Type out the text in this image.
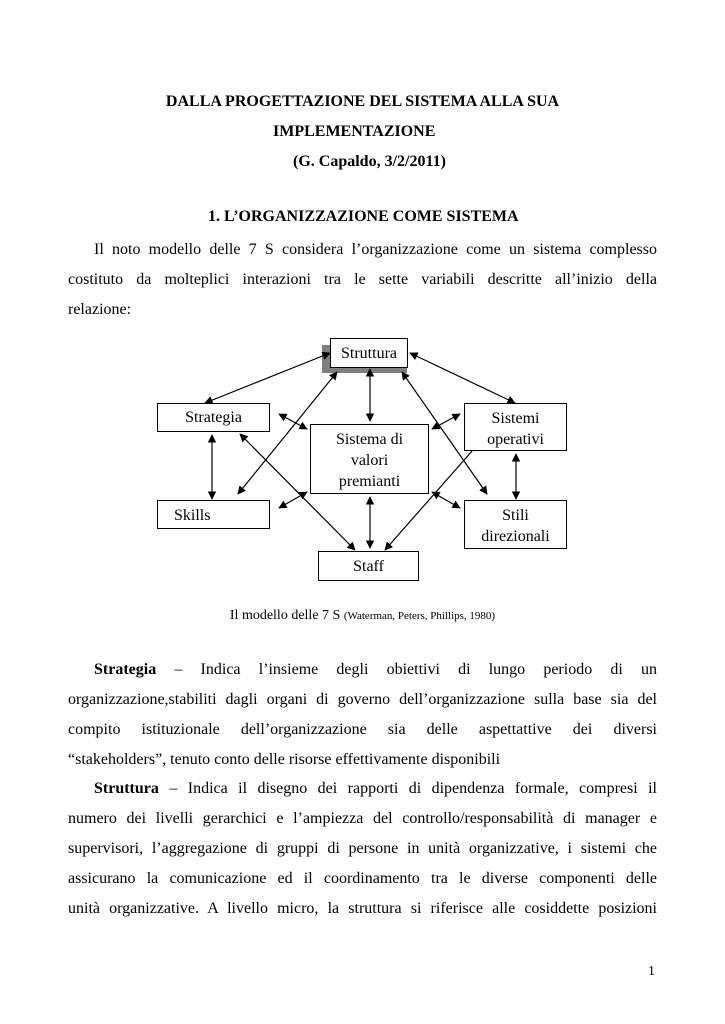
DALLA PROGETTAZIONE DEL SISTEMA ALLA SUA
IMPLEMENTAZIONE
(G. Capaldo, 3/2/2011)
1. L’ORGANIZZAZIONE COME SISTEMA
Il noto modello delle 7 S considera l’organizzazione come un sistema complesso
costituto da molteplici interazioni tra le sette variabili descritte all’inizio della
relazione:
Struttura
Strategia	Sistemi
operativi
Sistema di
valori
premianti
Skills	Stili
direzionali
Staff
Il modello delle 7 S (Waterman, Peters, Phillips, 1980)
Strategia – Indica l’insieme degli obiettivi di lungo periodo di un
organizzazione,stabiliti dagli organi di governo dell’organizzazione sulla base sia del
compito istituzionale dell’organizzazione sia delle aspettattive dei diversi
“stakeholders”, tenuto conto delle risorse effettivamente disponibili
Struttura – Indica il disegno dei rapporti di dipendenza formale, compresi il
numero dei livelli gerarchici e l’ampiezza del controllo/responsabilità di manager e
supervisori, l’aggregazione di gruppi di persone in unità organizzative, i sistemi che
assicurano la comunicazione ed il coordinamento tra le diverse componenti delle
unità organizzative. A livello micro, la struttura si riferisce alle cosiddette posizioni
1
